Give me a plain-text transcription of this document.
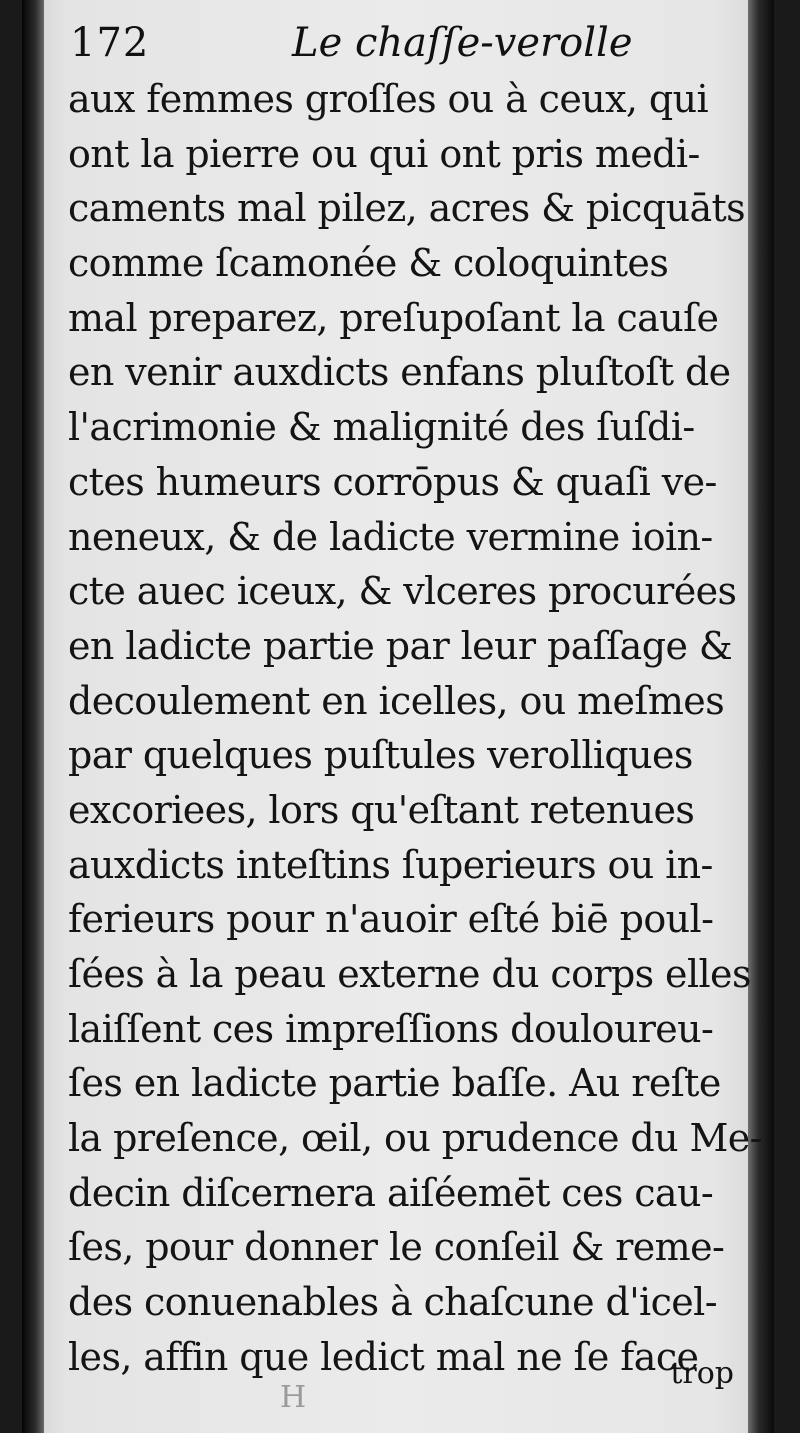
172	Le chaſſe-verolle
aux femmes groſſes ou à ceux, qui
ont la pierre ou qui ont pris medi-
caments mal pilez, acres & picquāts
comme ſcamonée & coloquintes
mal preparez, preſupoſant la cauſe
en venir auxdicts enfans pluſtoſt de
l'acrimonie & malignité des ſuſdi-
ctes humeurs corrōpus & quaſi ve-
neneux, & de ladicte vermine ioin-
cte auec iceux, & vlceres procurées
en ladicte partie par leur paſſage &
decoulement en icelles, ou meſmes
par quelques puſtules verolliques
excoriees, lors qu'eſtant retenues
auxdicts inteſtins ſuperieurs ou in-
ferieurs pour n'auoir eſté biē poul-
ſées à la peau externe du corps elles
laiſſent ces impreſſions douloureu-
ſes en ladicte partie baſſe. Au reſte
la preſence, œil, ou prudence du Me-
decin diſcernera aiſéemēt ces cau-
ſes, pour donner le conſeil & reme-
des conuenables à chaſcune d'icel-
les, affin que ledict mal ne ſe face
H
trop
